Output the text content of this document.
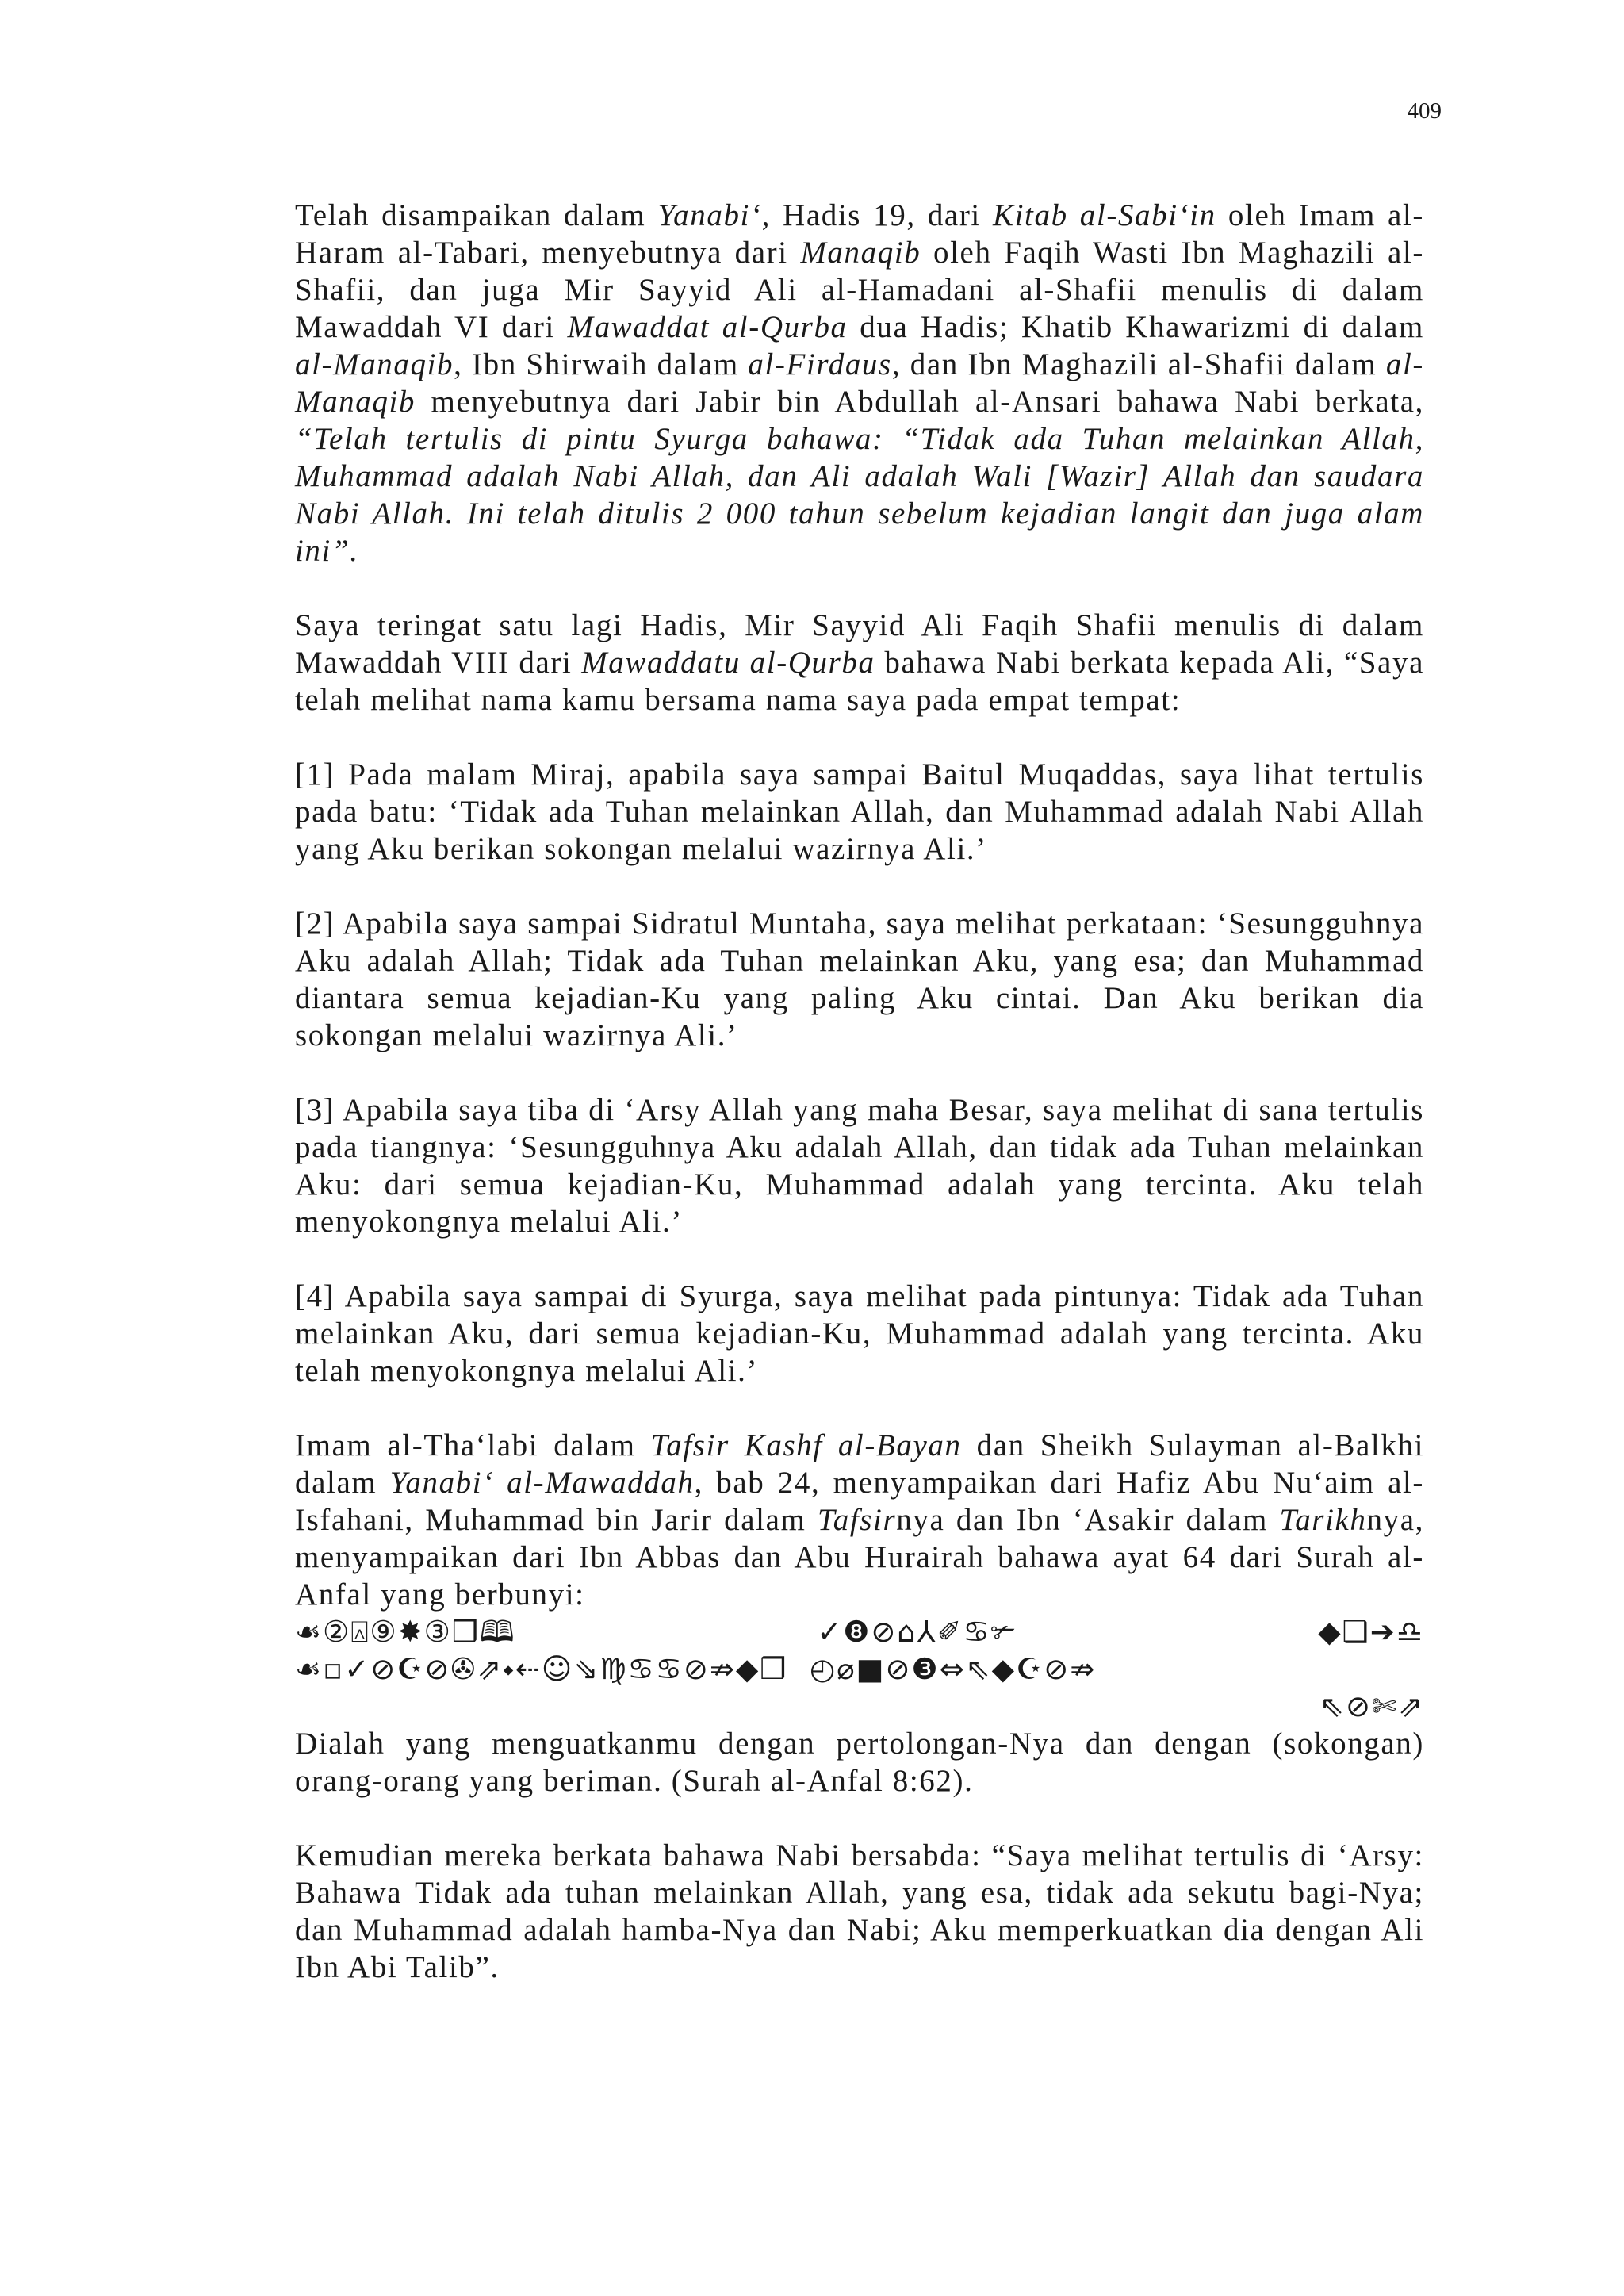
409

Telah disampaikan dalam Yanabi‘, Hadis 19, dari Kitab al-Sabi‘in oleh Imam al-Haram al-Tabari, menyebutnya dari Manaqib oleh Faqih Wasti Ibn Maghazili al-Shafii, dan juga Mir Sayyid Ali al-Hamadani al-Shafii menulis di dalam Mawaddah VI dari Mawaddat al-Qurba dua Hadis; Khatib Khawarizmi di dalam al-Manaqib, Ibn Shirwaih dalam al-Firdaus, dan Ibn Maghazili al-Shafii dalam al-Manaqib menyebutnya dari Jabir bin Abdullah al-Ansari bahawa Nabi berkata, “Telah tertulis di pintu Syurga bahawa: “Tidak ada Tuhan melainkan Allah, Muhammad adalah Nabi Allah, dan Ali adalah Wali [Wazir] Allah dan saudara Nabi Allah. Ini telah ditulis 2 000 tahun sebelum kejadian langit dan juga alam ini”.

Saya teringat satu lagi Hadis, Mir Sayyid Ali Faqih Shafii menulis di dalam Mawaddah VIII dari Mawaddatu al-Qurba bahawa Nabi berkata kepada Ali, “Saya telah melihat nama kamu bersama nama saya pada empat tempat:

[1] Pada malam Miraj, apabila saya sampai Baitul Muqaddas, saya lihat tertulis pada batu: ‘Tidak ada Tuhan melainkan Allah, dan Muhammad adalah Nabi Allah yang Aku berikan sokongan melalui wazirnya Ali.’

[2] Apabila saya sampai Sidratul Muntaha, saya melihat perkataan: ‘Sesungguhnya Aku adalah Allah; Tidak ada Tuhan melainkan Aku, yang esa; dan Muhammad diantara semua kejadian-Ku yang paling Aku cintai. Dan Aku berikan dia sokongan melalui wazirnya Ali.’

[3] Apabila saya tiba di ‘Arsy Allah yang maha Besar, saya melihat di sana tertulis pada tiangnya: ‘Sesungguhnya Aku adalah Allah, dan tidak ada Tuhan melainkan Aku: dari semua kejadian-Ku, Muhammad adalah yang tercinta. Aku telah menyokongnya melalui Ali.’

[4] Apabila saya sampai di Syurga, saya melihat pada pintunya: Tidak ada Tuhan melainkan Aku, dari semua kejadian-Ku, Muhammad adalah yang tercinta. Aku telah menyokongnya melalui Ali.’

Imam al-Tha‘labi dalam Tafsir Kashf al-Bayan dan Sheikh Sulayman al-Balkhi dalam Yanabi‘ al-Mawaddah, bab 24, menyampaikan dari Hafiz Abu Nu‘aim al-Isfahani, Muhammad bin Jarir dalam Tafsirnya dan Ibn ‘Asakir dalam Tarikhnya, menyampaikan dari Ibn Abbas dan Abu Hurairah bahawa ayat 64 dari Surah al-Anfal yang berbunyi:

☙②⍓⑨✸③❒🕮	✓❽⊘⌂⅄✐♋✃	◆❑➔♎
☙▫✓⊘☪⊘✇⇗⬩⇠☺⇘♍♋♋⊘⇏◆❒  ◴⌀■⊘❸⇔⇖◆☪⊘⇏
⇖⊘✄⇗

Dialah yang menguatkanmu dengan pertolongan-Nya dan dengan (sokongan) orang-orang yang beriman. (Surah al-Anfal 8:62).

Kemudian mereka berkata bahawa Nabi bersabda: “Saya melihat tertulis di ‘Arsy: Bahawa Tidak ada tuhan melainkan Allah, yang esa, tidak ada sekutu bagi-Nya; dan Muhammad adalah hamba-Nya dan Nabi; Aku memperkuatkan dia dengan Ali Ibn Abi Talib”.
